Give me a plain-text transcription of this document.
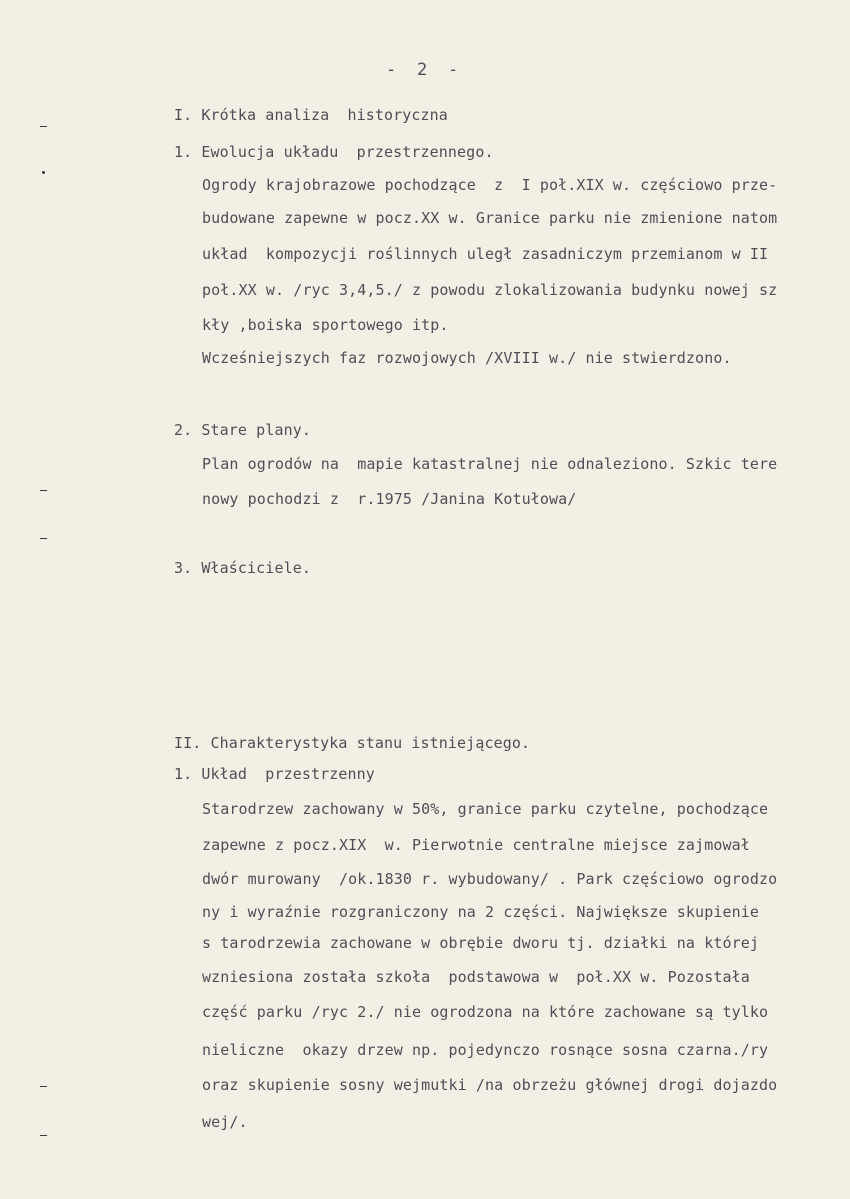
-  2  -
I. Krótka analiza  historyczna
1. Ewolucja układu  przestrzennego.
Ogrody krajobrazowe pochodzące  z  I poł.XIX w. częściowo prze-
budowane zapewne w pocz.XX w. Granice parku nie zmienione natom
układ  kompozycji roślinnych uległ zasadniczym przemianom w II
poł.XX w. /ryc 3,4,5./ z powodu zlokalizowania budynku nowej sz
kły ,boiska sportowego itp.
Wcześniejszych faz rozwojowych /XVIII w./ nie stwierdzono.
2. Stare plany.
Plan ogrodów na  mapie katastralnej nie odnaleziono. Szkic tere
nowy pochodzi z  r.1975 /Janina Kotułowa/
3. Właściciele.
II. Charakterystyka stanu istniejącego.
1. Układ  przestrzenny
Starodrzew zachowany w 50%, granice parku czytelne, pochodzące
zapewne z pocz.XIX  w. Pierwotnie centralne miejsce zajmował
dwór murowany  /ok.1830 r. wybudowany/ . Park częściowo ogrodzo
ny i wyraźnie rozgraniczony na 2 części. Największe skupienie
s tarodrzewia zachowane w obrębie dworu tj. działki na której
wzniesiona została szkoła  podstawowa w  poł.XX w. Pozostała
część parku /ryc 2./ nie ogrodzona na które zachowane są tylko
nieliczne  okazy drzew np. pojedynczo rosnące sosna czarna./ry
oraz skupienie sosny wejmutki /na obrzeżu głównej drogi dojazdo
wej/.
